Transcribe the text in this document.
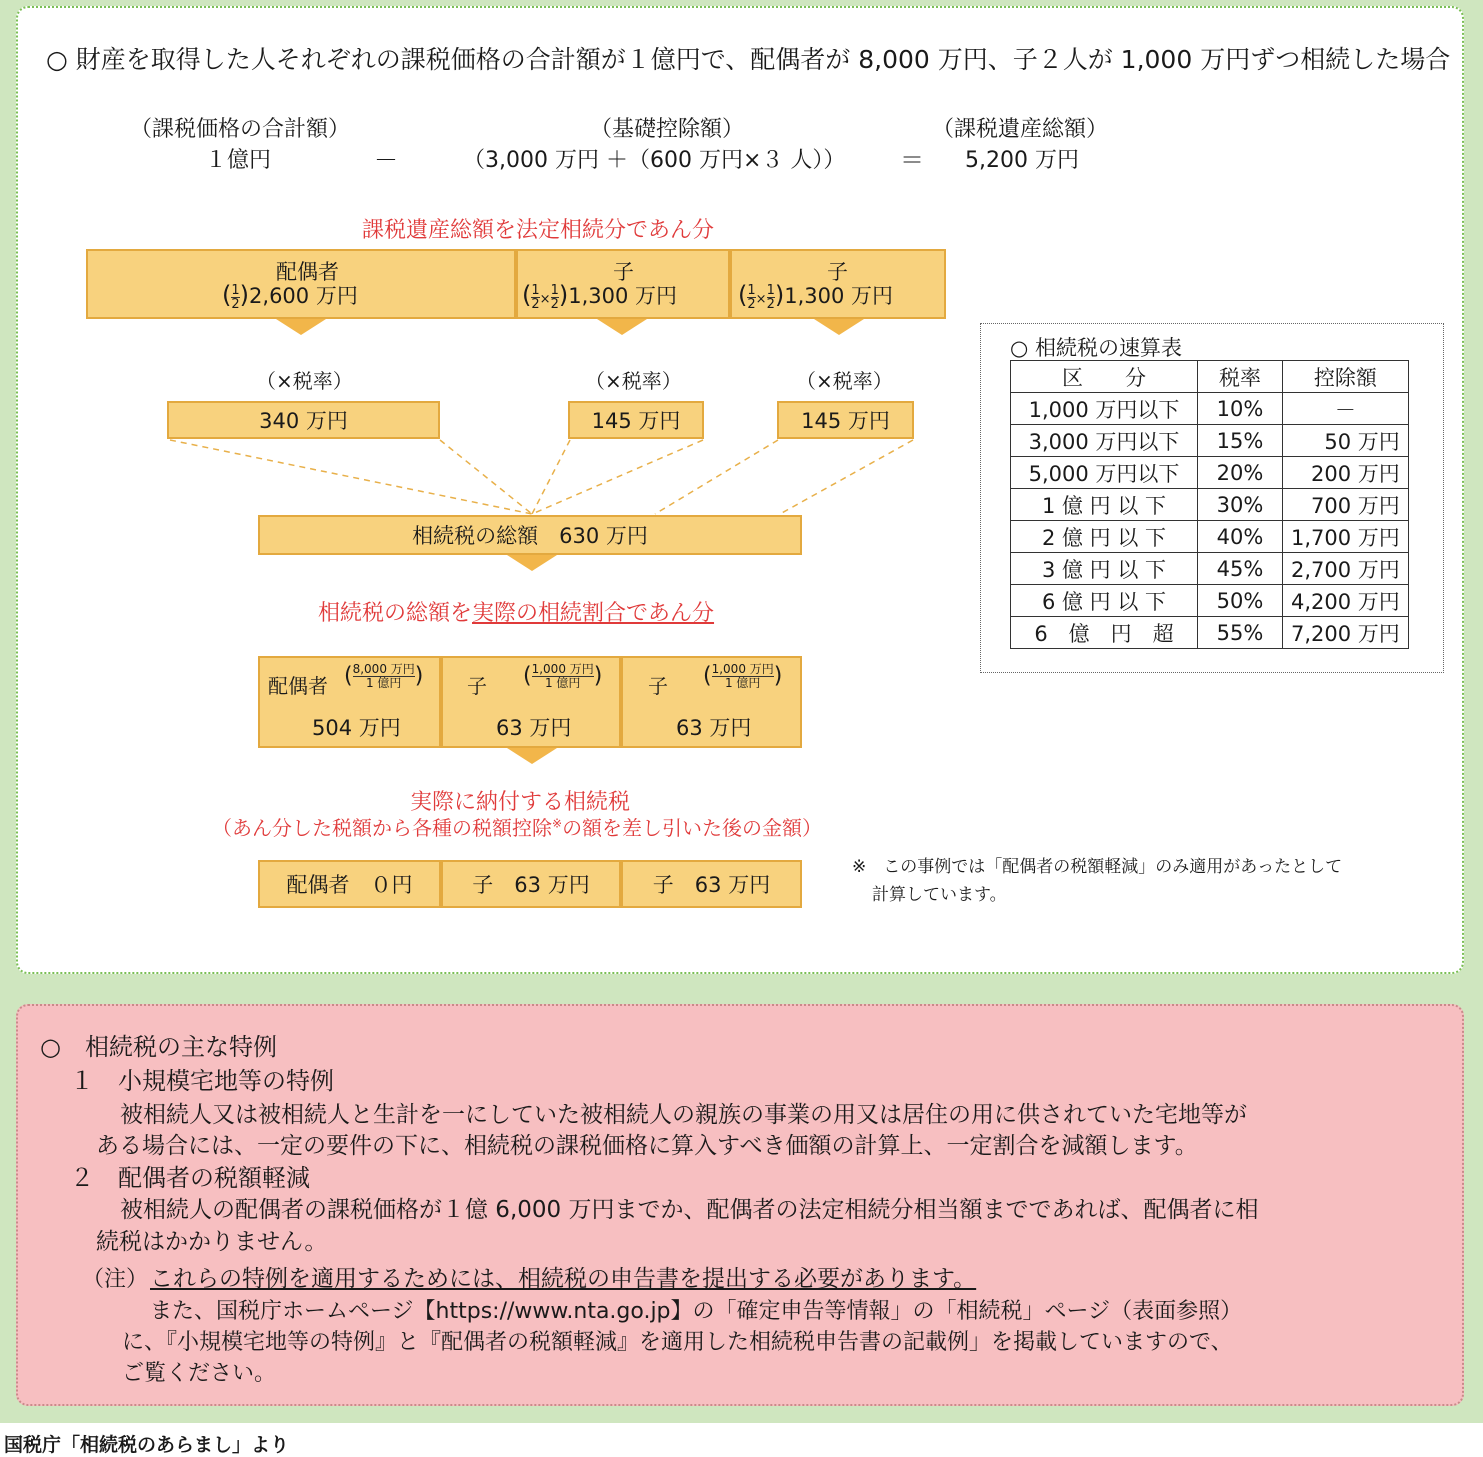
○ 財産を取得した人それぞれの課税価格の合計額が１億円で、配偶者が 8,000 万円、子２人が 1,000 万円ずつ相続した場合
（課税価格の合計額）
１億円	－
（基礎控除額）
（3,000 万円 ＋（600 万円×３ 人）） ＝
（課税遺産総額）
5,200 万円
課税遺産総額を法定相続分であん分
配偶者
( $\frac{1}{2} )2,600$ 万円
子
( $\frac{1}{2} \times \frac{1}{2} )1,300$ 万円
子
( $\frac{1}{2} \times \frac{1}{2} )1,300$ 万円
（×税率）	（×税率）	（×税率）
340 万円	145 万円	145 万円
相続税の総額　630 万円
相続税の総額を実際の相続割合であん分
配偶者 ( $\frac{\text{8,000 万円}}{\text{1 億円}}$ )
504 万円
子 ( $\frac{\text{1,000 万円}}{\text{1 億円}}$ )
63 万円
子 ( $\frac{\text{1,000 万円}}{\text{1 億円}}$ )
63 万円
実際に納付する相続税
（あん分した税額から各種の税額控除※の額を差し引いた後の金額）
配偶者　０円	子　63 万円	子　63 万円
※　この事例では「配偶者の税額軽減」のみ適用があったとして
計算しています。
○ 相続税の速算表
区　　分	税率	控除額
1,000 万円以下	10%	－
3,000 万円以下	15%	50 万円
5,000 万円以下	20%	200 万円
1 億 円 以 下	30%	700 万円
2 億 円 以 下	40%	1,700 万円
3 億 円 以 下	45%	2,700 万円
6 億 円 以 下	50%	4,200 万円
6　億　円　超	55%	7,200 万円
○　相続税の主な特例
１　小規模宅地等の特例
被相続人又は被相続人と生計を一にしていた被相続人の親族の事業の用又は居住の用に供されていた宅地等が
ある場合には、一定の要件の下に、相続税の課税価格に算入すべき価額の計算上、一定割合を減額します。
２　配偶者の税額軽減
被相続人の配偶者の課税価格が１億 6,000 万円までか、配偶者の法定相続分相当額までであれば、配偶者に相
続税はかかりません。
（注） これらの特例を適用するためには、相続税の申告書を提出する必要があります。
また、国税庁ホームページ【https://www.nta.go.jp】の「確定申告等情報」の「相続税」ページ（表面参照）
に、『小規模宅地等の特例』と『配偶者の税額軽減』を適用した相続税申告書の記載例」を掲載していますので、
ご覧ください。
国税庁「相続税のあらまし」より
